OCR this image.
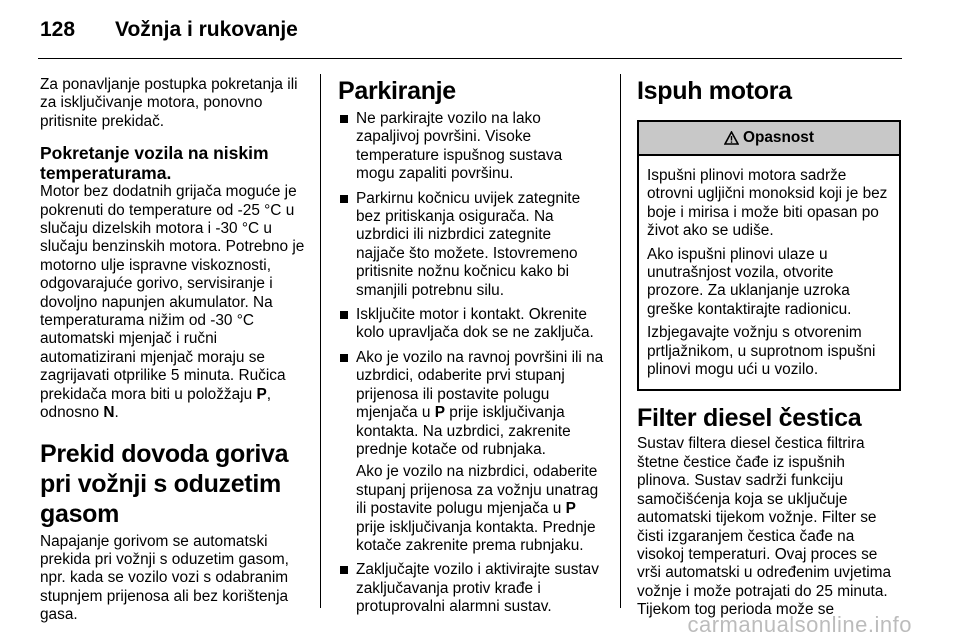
128	Vožnja i rukovanje

Za ponavljanje postupka pokretanja ili za isključivanje motora, ponovno pritisnite prekidač.

Pokretanje vozila na niskim temperaturama.

Motor bez dodatnih grijača moguće je pokrenuti do temperature od -25 °C u slučaju dizelskih motora i -30 °C u slučaju benzinskih motora. Potrebno je motorno ulje ispravne viskoznosti, odgovarajuće gorivo, servisiranje i dovoljno napunjen akumulator. Na temperaturama nižim od -30 °C automatski mjenjač i ručni automatizirani mjenjač moraju se zagrijavati otprilike 5 minuta. Ručica prekidača mora biti u položžaju P, odnosno N.

Prekid dovoda goriva pri vožnji s oduzetim gasom

Napajanje gorivom se automatski prekida pri vožnji s oduzetim gasom, npr. kada se vozilo vozi s odabranim stupnjem prijenosa ali bez korištenja gasa.

Parkiranje

Ne parkirajte vozilo na lako zapaljivoj površini. Visoke temperature ispušnog sustava mogu zapaliti površinu.
Parkirnu kočnicu uvijek zategnite bez pritiskanja osigurača. Na uzbrdici ili nizbrdici zategnite najjače što možete. Istovremeno pritisnite nožnu kočnicu kako bi smanjili potrebnu silu.
Isključite motor i kontakt. Okrenite kolo upravljača dok se ne zaključa.
Ako je vozilo na ravnoj površini ili na uzbrdici, odaberite prvi stupanj prijenosa ili postavite polugu mjenjača u P prije isključivanja kontakta. Na uzbrdici, zakrenite prednje kotače od rubnjaka.
Ako je vozilo na nizbrdici, odaberite stupanj prijenosa za vožnju unatrag ili postavite polugu mjenjača u P prije isključivanja kontakta. Prednje kotače zakrenite prema rubnjaku.
Zaključajte vozilo i aktivirajte sustav zaključavanja protiv krađe i protuprovalni alarmni sustav.

Ispuh motora

Opasnost

Ispušni plinovi motora sadrže otrovni ugljični monoksid koji je bez boje i mirisa i može biti opasan po život ako se udiše.

Ako ispušni plinovi ulaze u unutrašnjost vozila, otvorite prozore. Za uklanjanje uzroka greške kontaktirajte radionicu.

Izbjegavajte vožnju s otvorenim prtljažnikom, u suprotnom ispušni plinovi mogu ući u vozilo.

Filter diesel čestica

Sustav filtera diesel čestica filtrira štetne čestice čađe iz ispušnih plinova. Sustav sadrži funkciju samočišćenja koja se uključuje automatski tijekom vožnje. Filter se čisti izgaranjem čestica čađe na visokoj temperaturi. Ovaj proces se vrši automatski u određenim uvjetima vožnje i može potrajati do 25 minuta. Tijekom tog perioda može se

carmanualsonline.info
